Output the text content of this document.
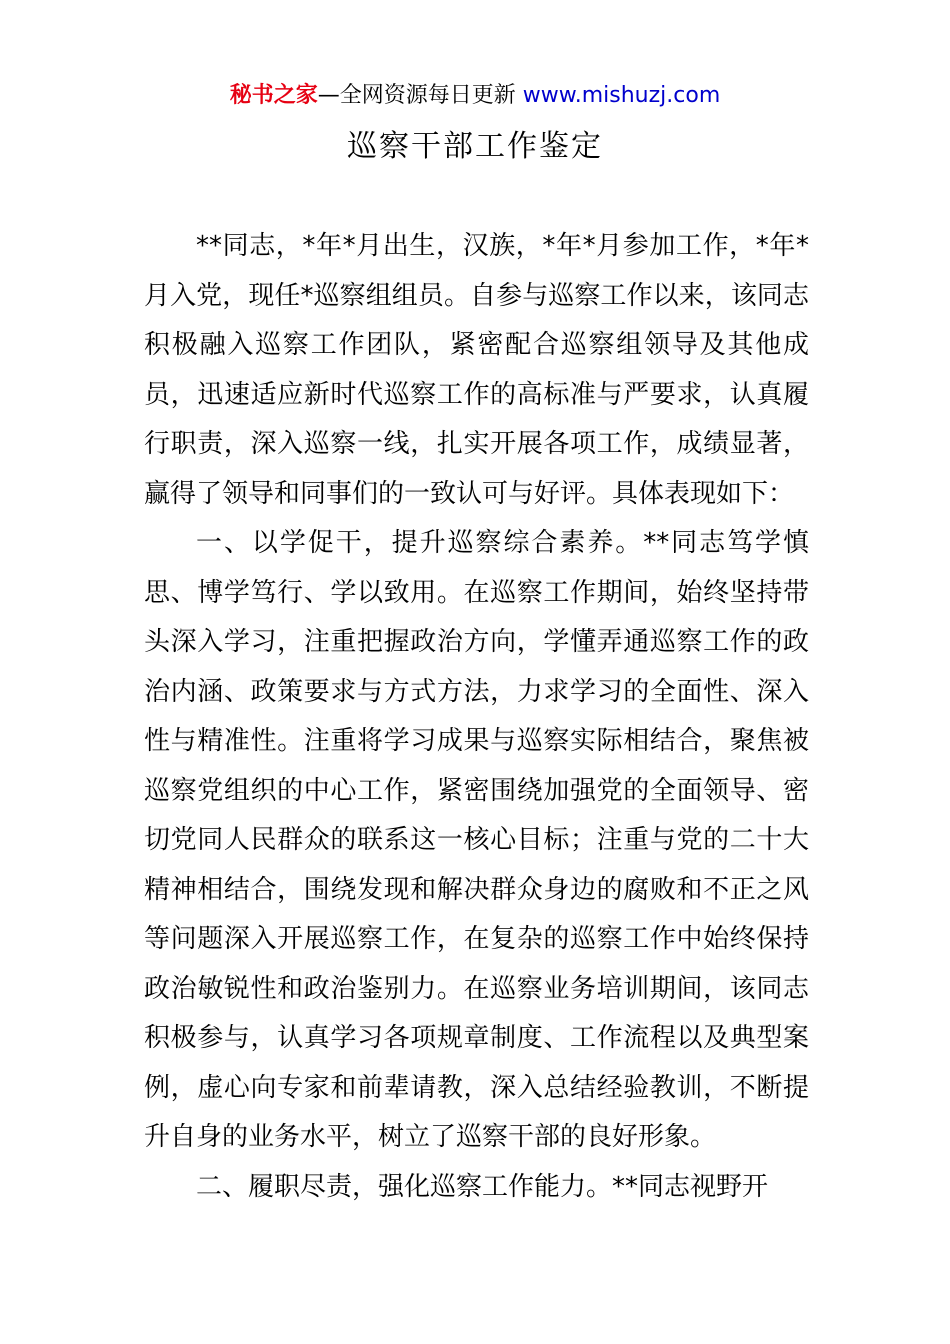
秘书之家—全网资源每日更新 www.mishuzj.com
巡察干部工作鉴定

**同志，*年*月出生，汉族，*年*月参加工作，*年*月入党，现任*巡察组组员。自参与巡察工作以来，该同志积极融入巡察工作团队，紧密配合巡察组领导及其他成员，迅速适应新时代巡察工作的高标准与严要求，认真履行职责，深入巡察一线，扎实开展各项工作，成绩显著，赢得了领导和同事们的一致认可与好评。具体表现如下：

一、以学促干，提升巡察综合素养。**同志笃学慎思、博学笃行、学以致用。在巡察工作期间，始终坚持带头深入学习，注重把握政治方向，学懂弄通巡察工作的政治内涵、政策要求与方式方法，力求学习的全面性、深入性与精准性。注重将学习成果与巡察实际相结合，聚焦被巡察党组织的中心工作，紧密围绕加强党的全面领导、密切党同人民群众的联系这一核心目标；注重与党的二十大精神相结合，围绕发现和解决群众身边的腐败和不正之风等问题深入开展巡察工作，在复杂的巡察工作中始终保持政治敏锐性和政治鉴别力。在巡察业务培训期间，该同志积极参与，认真学习各项规章制度、工作流程以及典型案例，虚心向专家和前辈请教，深入总结经验教训，不断提升自身的业务水平，树立了巡察干部的良好形象。

二、履职尽责，强化巡察工作能力。**同志视野开
